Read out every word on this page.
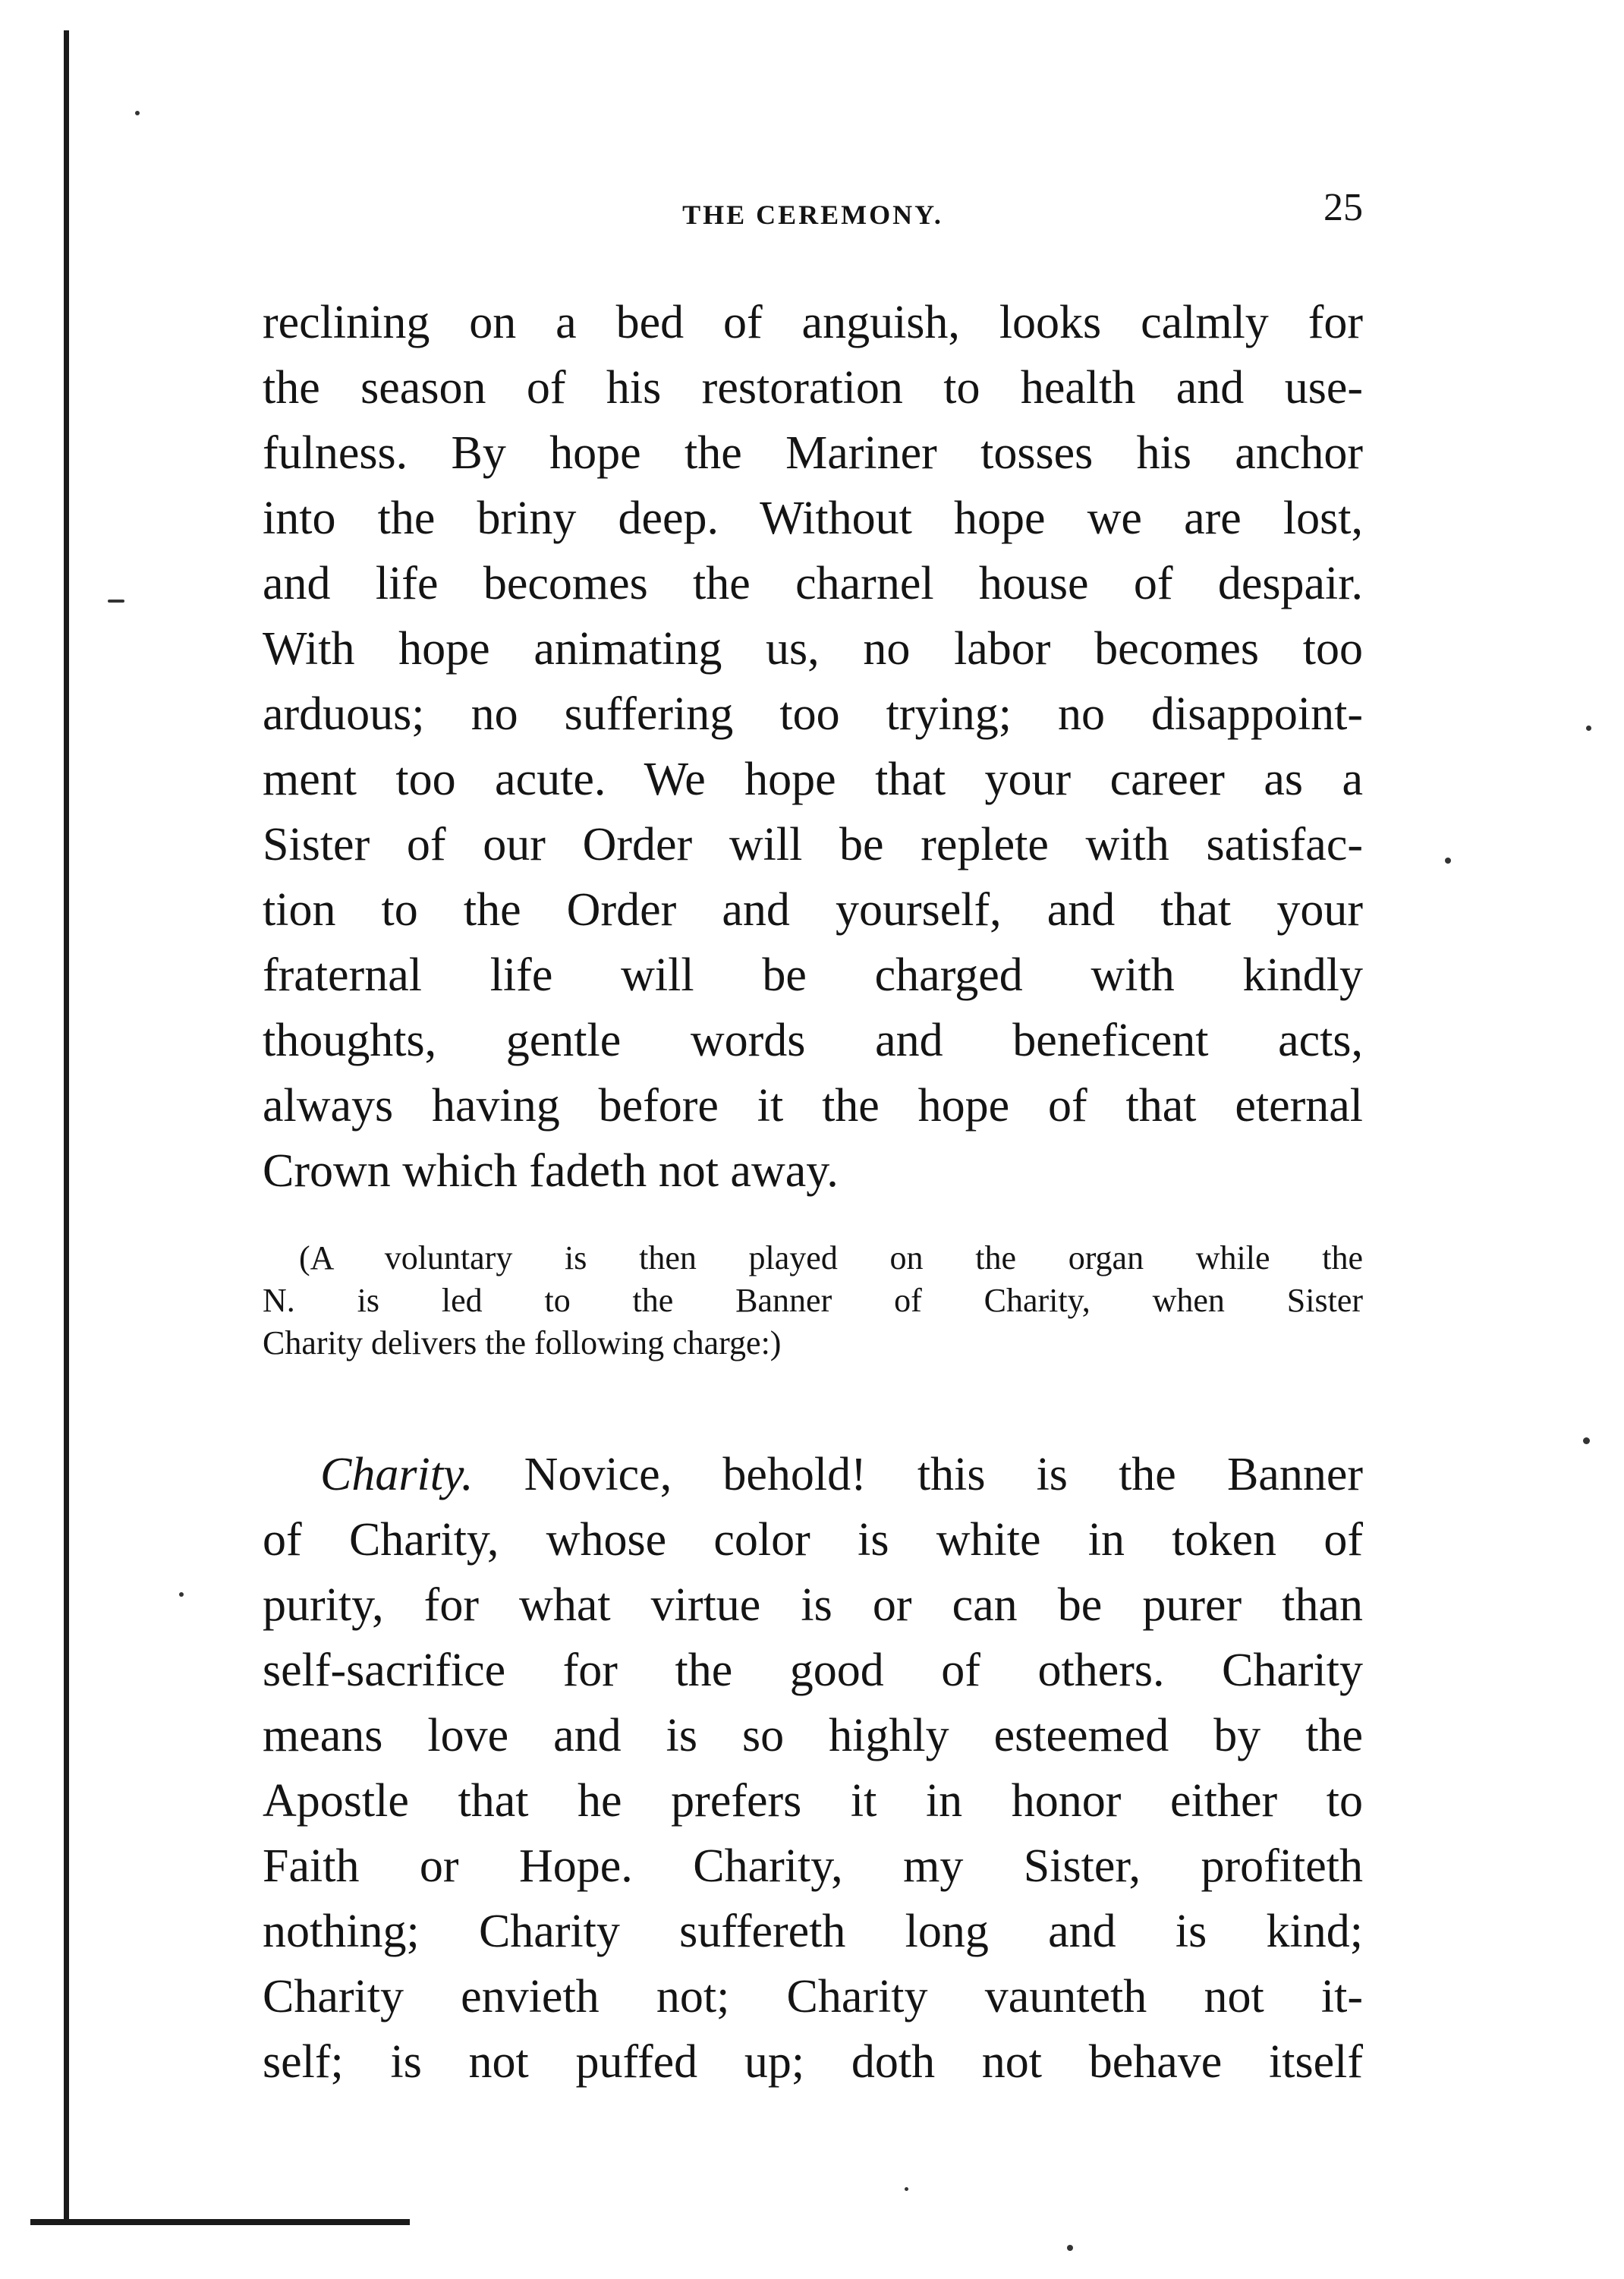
THE CEREMONY.	25
reclining on a bed of anguish, looks calmly for
the season of his restoration to health and use-
fulness. By hope the Mariner tosses his anchor
into the briny deep. Without hope we are lost,
and life becomes the charnel house of despair.
With hope animating us, no labor becomes too
arduous; no suffering too trying; no disappoint-
ment too acute. We hope that your career as a
Sister of our Order will be replete with satisfac-
tion to the Order and yourself, and that your
fraternal life will be charged with kindly
thoughts, gentle words and beneficent acts,
always having before it the hope of that eternal
Crown which fadeth not away.
(A voluntary is then played on the organ while the
N. is led to the Banner of Charity, when Sister
Charity delivers the following charge:)
Charity. Novice, behold! this is the Banner
of Charity, whose color is white in token of
purity, for what virtue is or can be purer than
self-sacrifice for the good of others. Charity
means love and is so highly esteemed by the
Apostle that he prefers it in honor either to
Faith or Hope. Charity, my Sister, profiteth
nothing; Charity suffereth long and is kind;
Charity envieth not; Charity vaunteth not it-
self; is not puffed up; doth not behave itself
